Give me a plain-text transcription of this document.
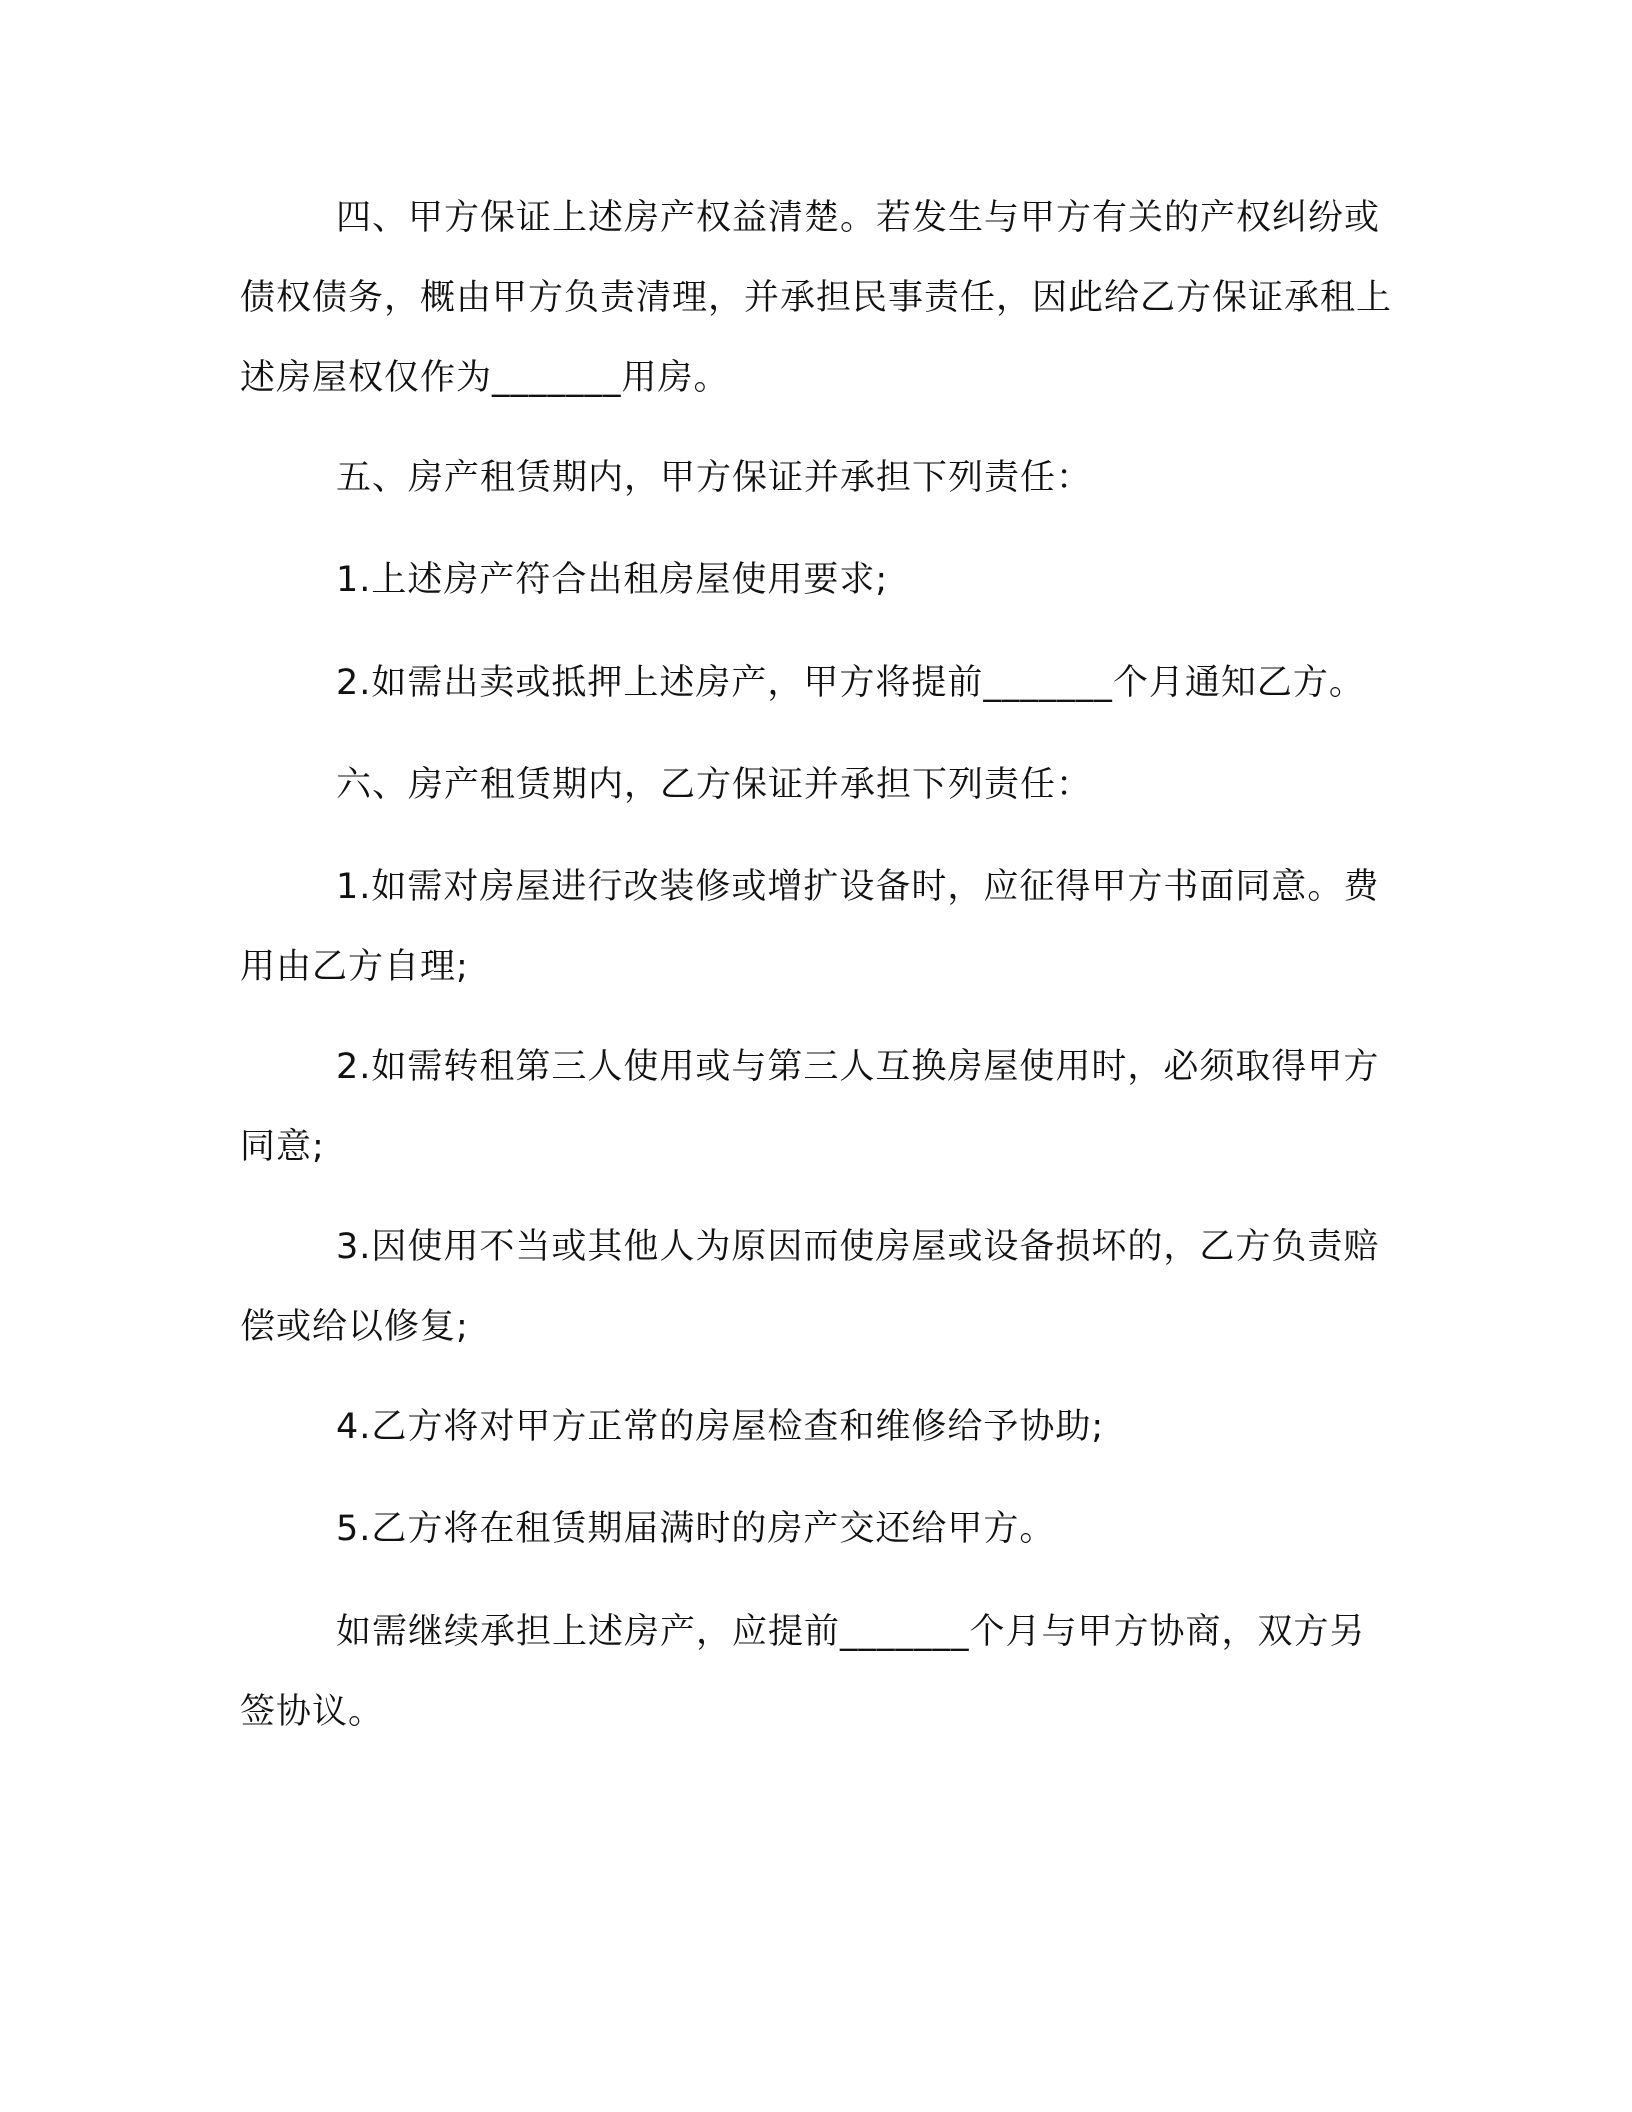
四、甲方保证上述房产权益清楚。若发生与甲方有关的产权纠纷或债权债务，概由甲方负责清理，并承担民事责任，因此给乙方保证承租上述房屋权仅作为_______用房。

五、房产租赁期内，甲方保证并承担下列责任：

1.上述房产符合出租房屋使用要求;

2.如需出卖或抵押上述房产，甲方将提前_______个月通知乙方。

六、房产租赁期内，乙方保证并承担下列责任：

1.如需对房屋进行改装修或增扩设备时，应征得甲方书面同意。费用由乙方自理;

2.如需转租第三人使用或与第三人互换房屋使用时，必须取得甲方同意;

3.因使用不当或其他人为原因而使房屋或设备损坏的，乙方负责赔偿或给以修复;

4.乙方将对甲方正常的房屋检查和维修给予协助;

5.乙方将在租赁期届满时的房产交还给甲方。

如需继续承担上述房产，应提前_______个月与甲方协商，双方另签协议。
